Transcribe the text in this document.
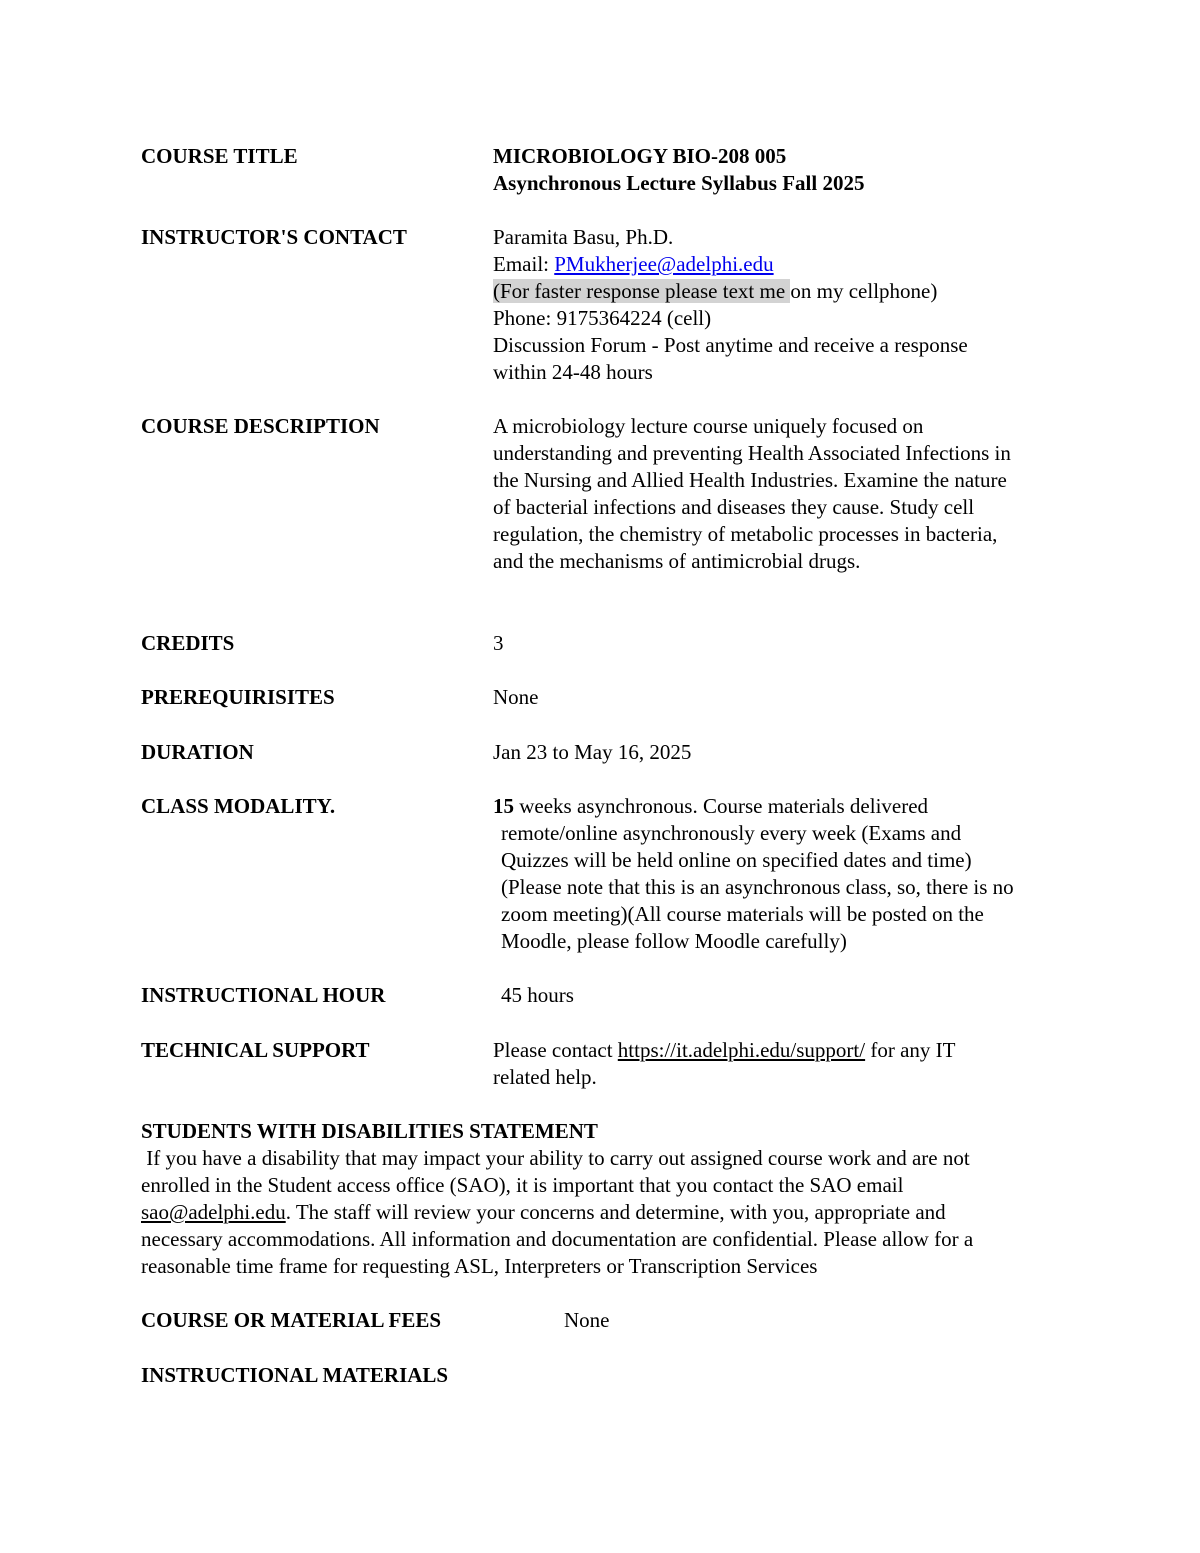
COURSE TITLE	MICROBIOLOGY BIO-208 005
Asynchronous Lecture Syllabus Fall 2025
INSTRUCTOR'S CONTACT	Paramita Basu, Ph.D.
Email: PMukherjee@adelphi.edu
(For faster response please text me on my cellphone)
Phone: 9175364224 (cell)
Discussion Forum - Post anytime and receive a response
within 24-48 hours
COURSE DESCRIPTION	A microbiology lecture course uniquely focused on
understanding and preventing Health Associated Infections in
the Nursing and Allied Health Industries. Examine the nature
of bacterial infections and diseases they cause. Study cell
regulation, the chemistry of metabolic processes in bacteria,
and the mechanisms of antimicrobial drugs.
CREDITS	3
PREREQUIRISITES	None
DURATION	Jan 23 to May 16, 2025
CLASS MODALITY.	15 weeks asynchronous. Course materials delivered
remote/online asynchronously every week (Exams and
Quizzes will be held online on specified dates and time)
(Please note that this is an asynchronous class, so, there is no
zoom meeting)(All course materials will be posted on the
Moodle, please follow Moodle carefully)
INSTRUCTIONAL HOUR	45 hours
TECHNICAL SUPPORT	Please contact https://it.adelphi.edu/support/ for any IT
related help.
STUDENTS WITH DISABILITIES STATEMENT
If you have a disability that may impact your ability to carry out assigned course work and are not
enrolled in the Student access office (SAO), it is important that you contact the SAO email
sao@adelphi.edu. The staff will review your concerns and determine, with you, appropriate and
necessary accommodations. All information and documentation are confidential. Please allow for a
reasonable time frame for requesting ASL, Interpreters or Transcription Services
COURSE OR MATERIAL FEES	None
INSTRUCTIONAL MATERIALS
